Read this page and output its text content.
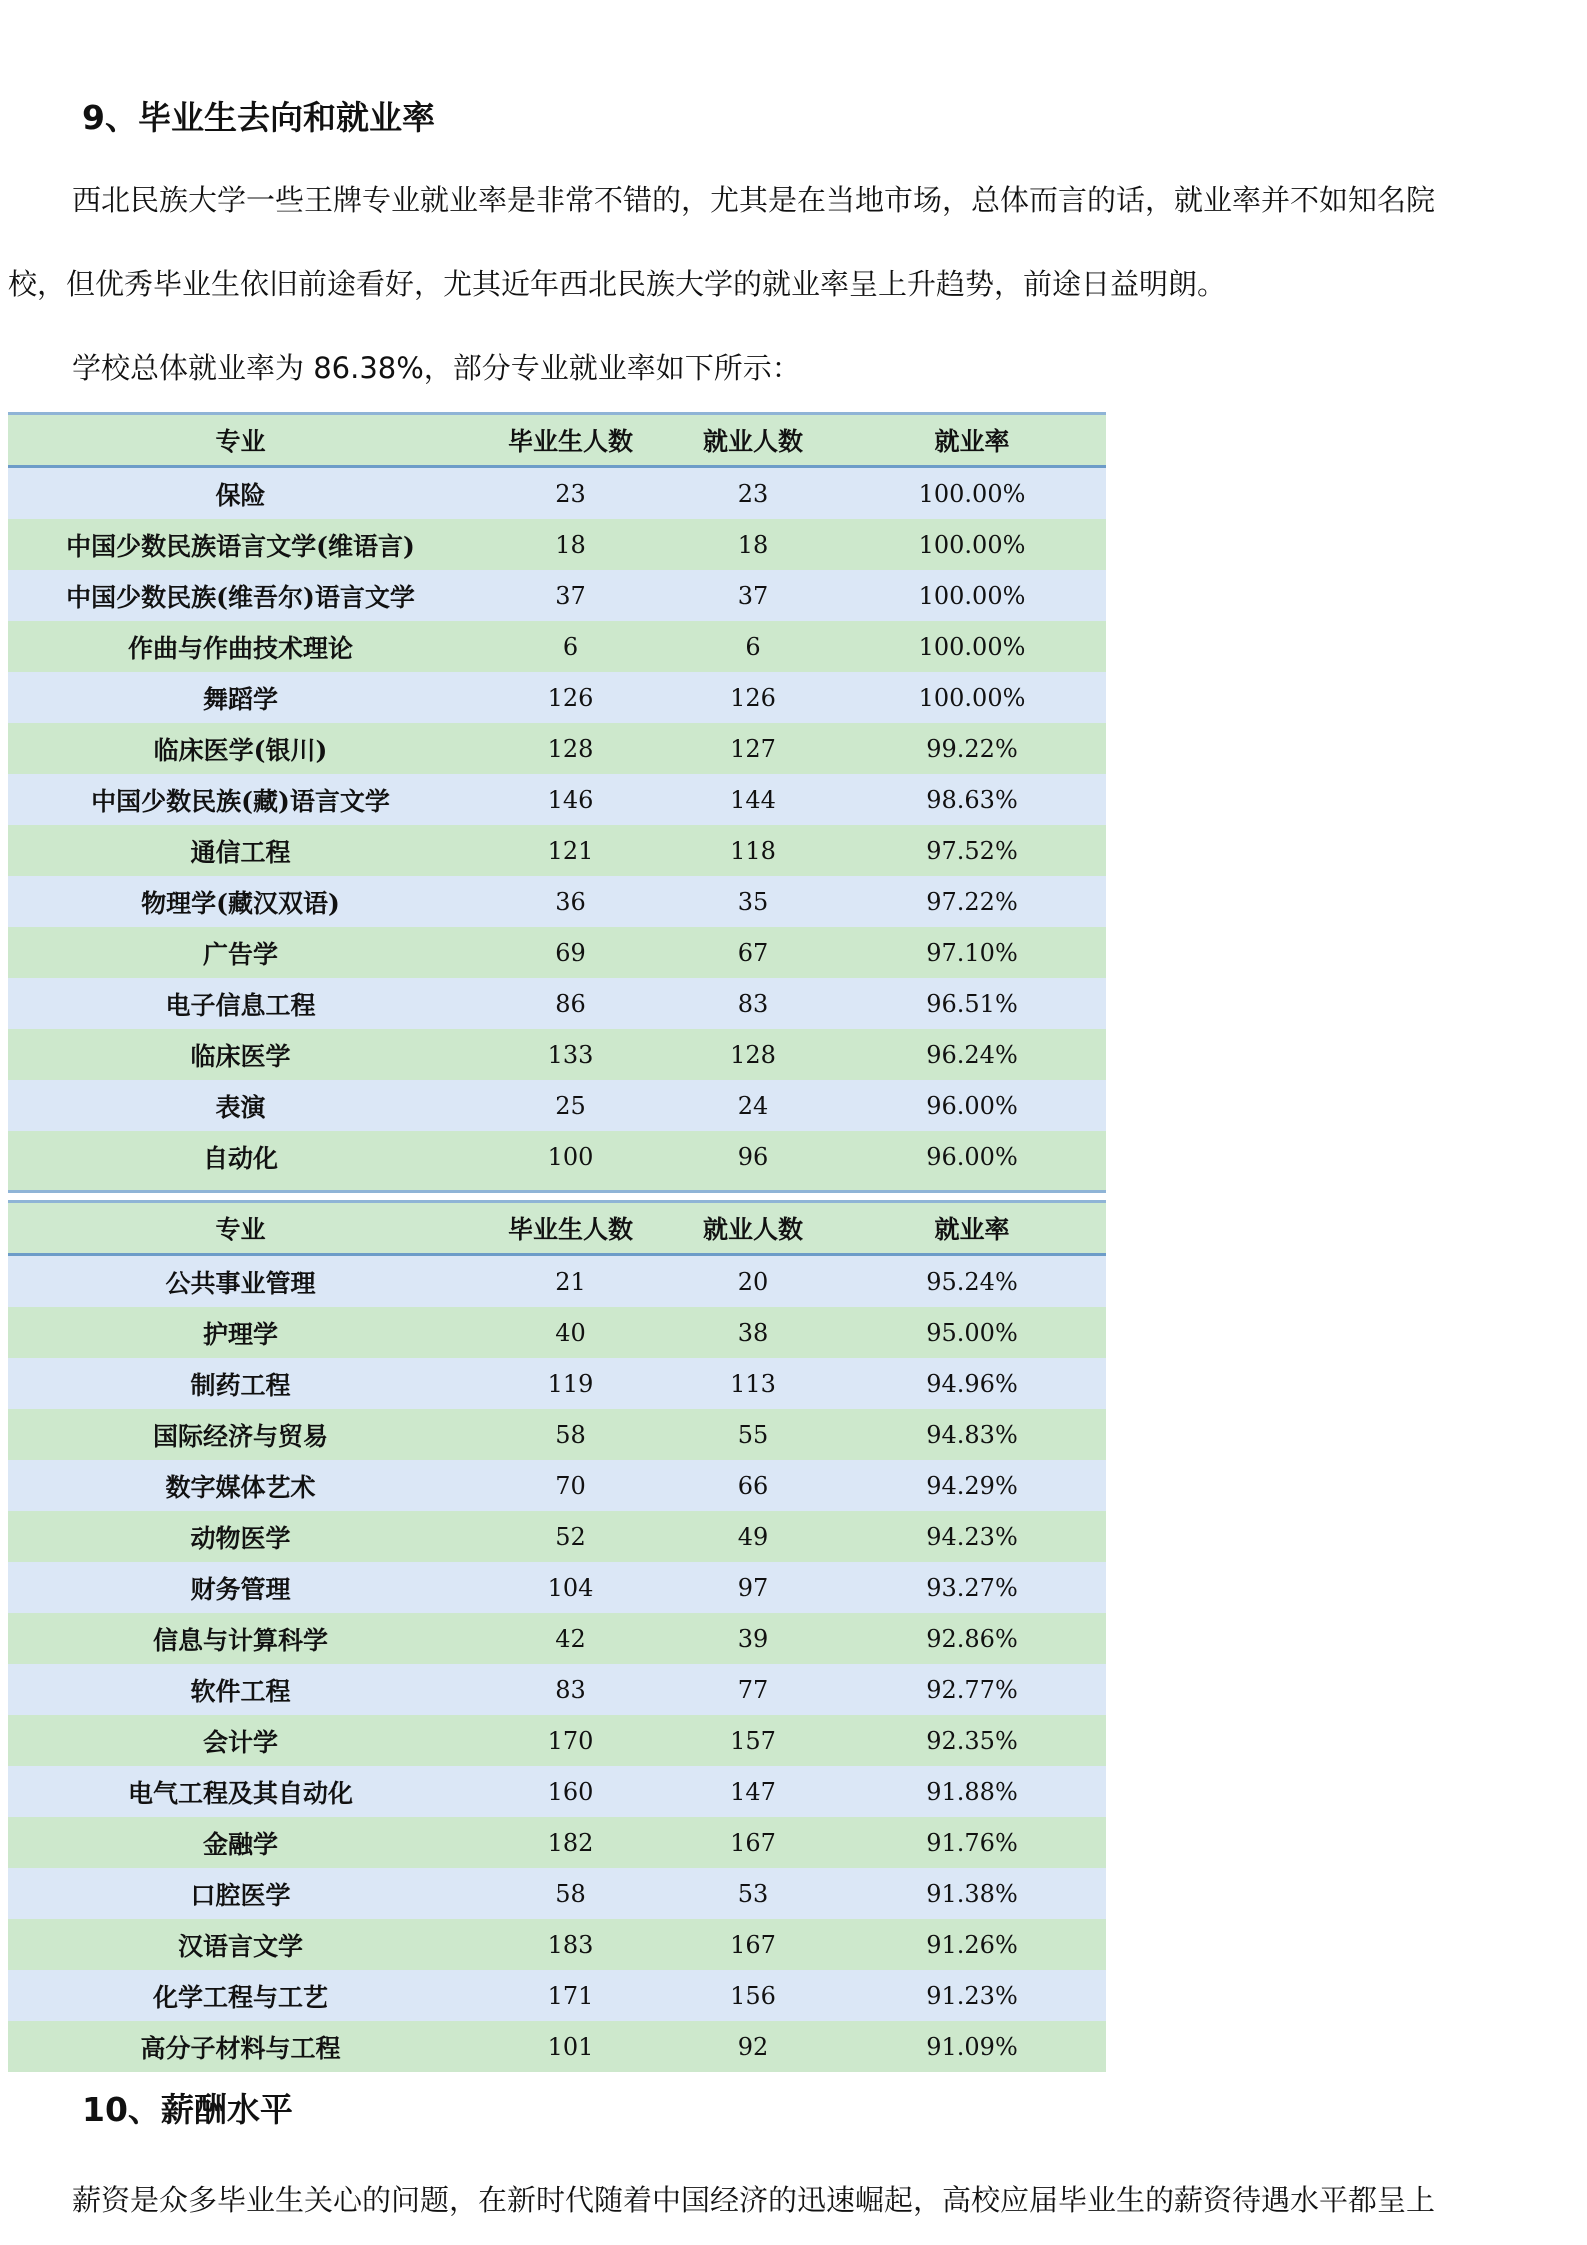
9、毕业生去向和就业率

西北民族大学一些王牌专业就业率是非常不错的，尤其是在当地市场，总体而言的话，就业率并不如知名院

校，但优秀毕业生依旧前途看好，尤其近年西北民族大学的就业率呈上升趋势，前途日益明朗。

学校总体就业率为 86.38%，部分专业就业率如下所示：

专业	毕业生人数	就业人数	就业率
保险	23	23	100.00%
中国少数民族语言文学(维语言)	18	18	100.00%
中国少数民族(维吾尔)语言文学	37	37	100.00%
作曲与作曲技术理论	6	6	100.00%
舞蹈学	126	126	100.00%
临床医学(银川)	128	127	99.22%
中国少数民族(藏)语言文学	146	144	98.63%
通信工程	121	118	97.52%
物理学(藏汉双语)	36	35	97.22%
广告学	69	67	97.10%
电子信息工程	86	83	96.51%
临床医学	133	128	96.24%
表演	25	24	96.00%
自动化	100	96	96.00%
专业	毕业生人数	就业人数	就业率
公共事业管理	21	20	95.24%
护理学	40	38	95.00%
制药工程	119	113	94.96%
国际经济与贸易	58	55	94.83%
数字媒体艺术	70	66	94.29%
动物医学	52	49	94.23%
财务管理	104	97	93.27%
信息与计算科学	42	39	92.86%
软件工程	83	77	92.77%
会计学	170	157	92.35%
电气工程及其自动化	160	147	91.88%
金融学	182	167	91.76%
口腔医学	58	53	91.38%
汉语言文学	183	167	91.26%
化学工程与工艺	171	156	91.23%
高分子材料与工程	101	92	91.09%
10、薪酬水平

薪资是众多毕业生关心的问题，在新时代随着中国经济的迅速崛起，高校应届毕业生的薪资待遇水平都呈上
